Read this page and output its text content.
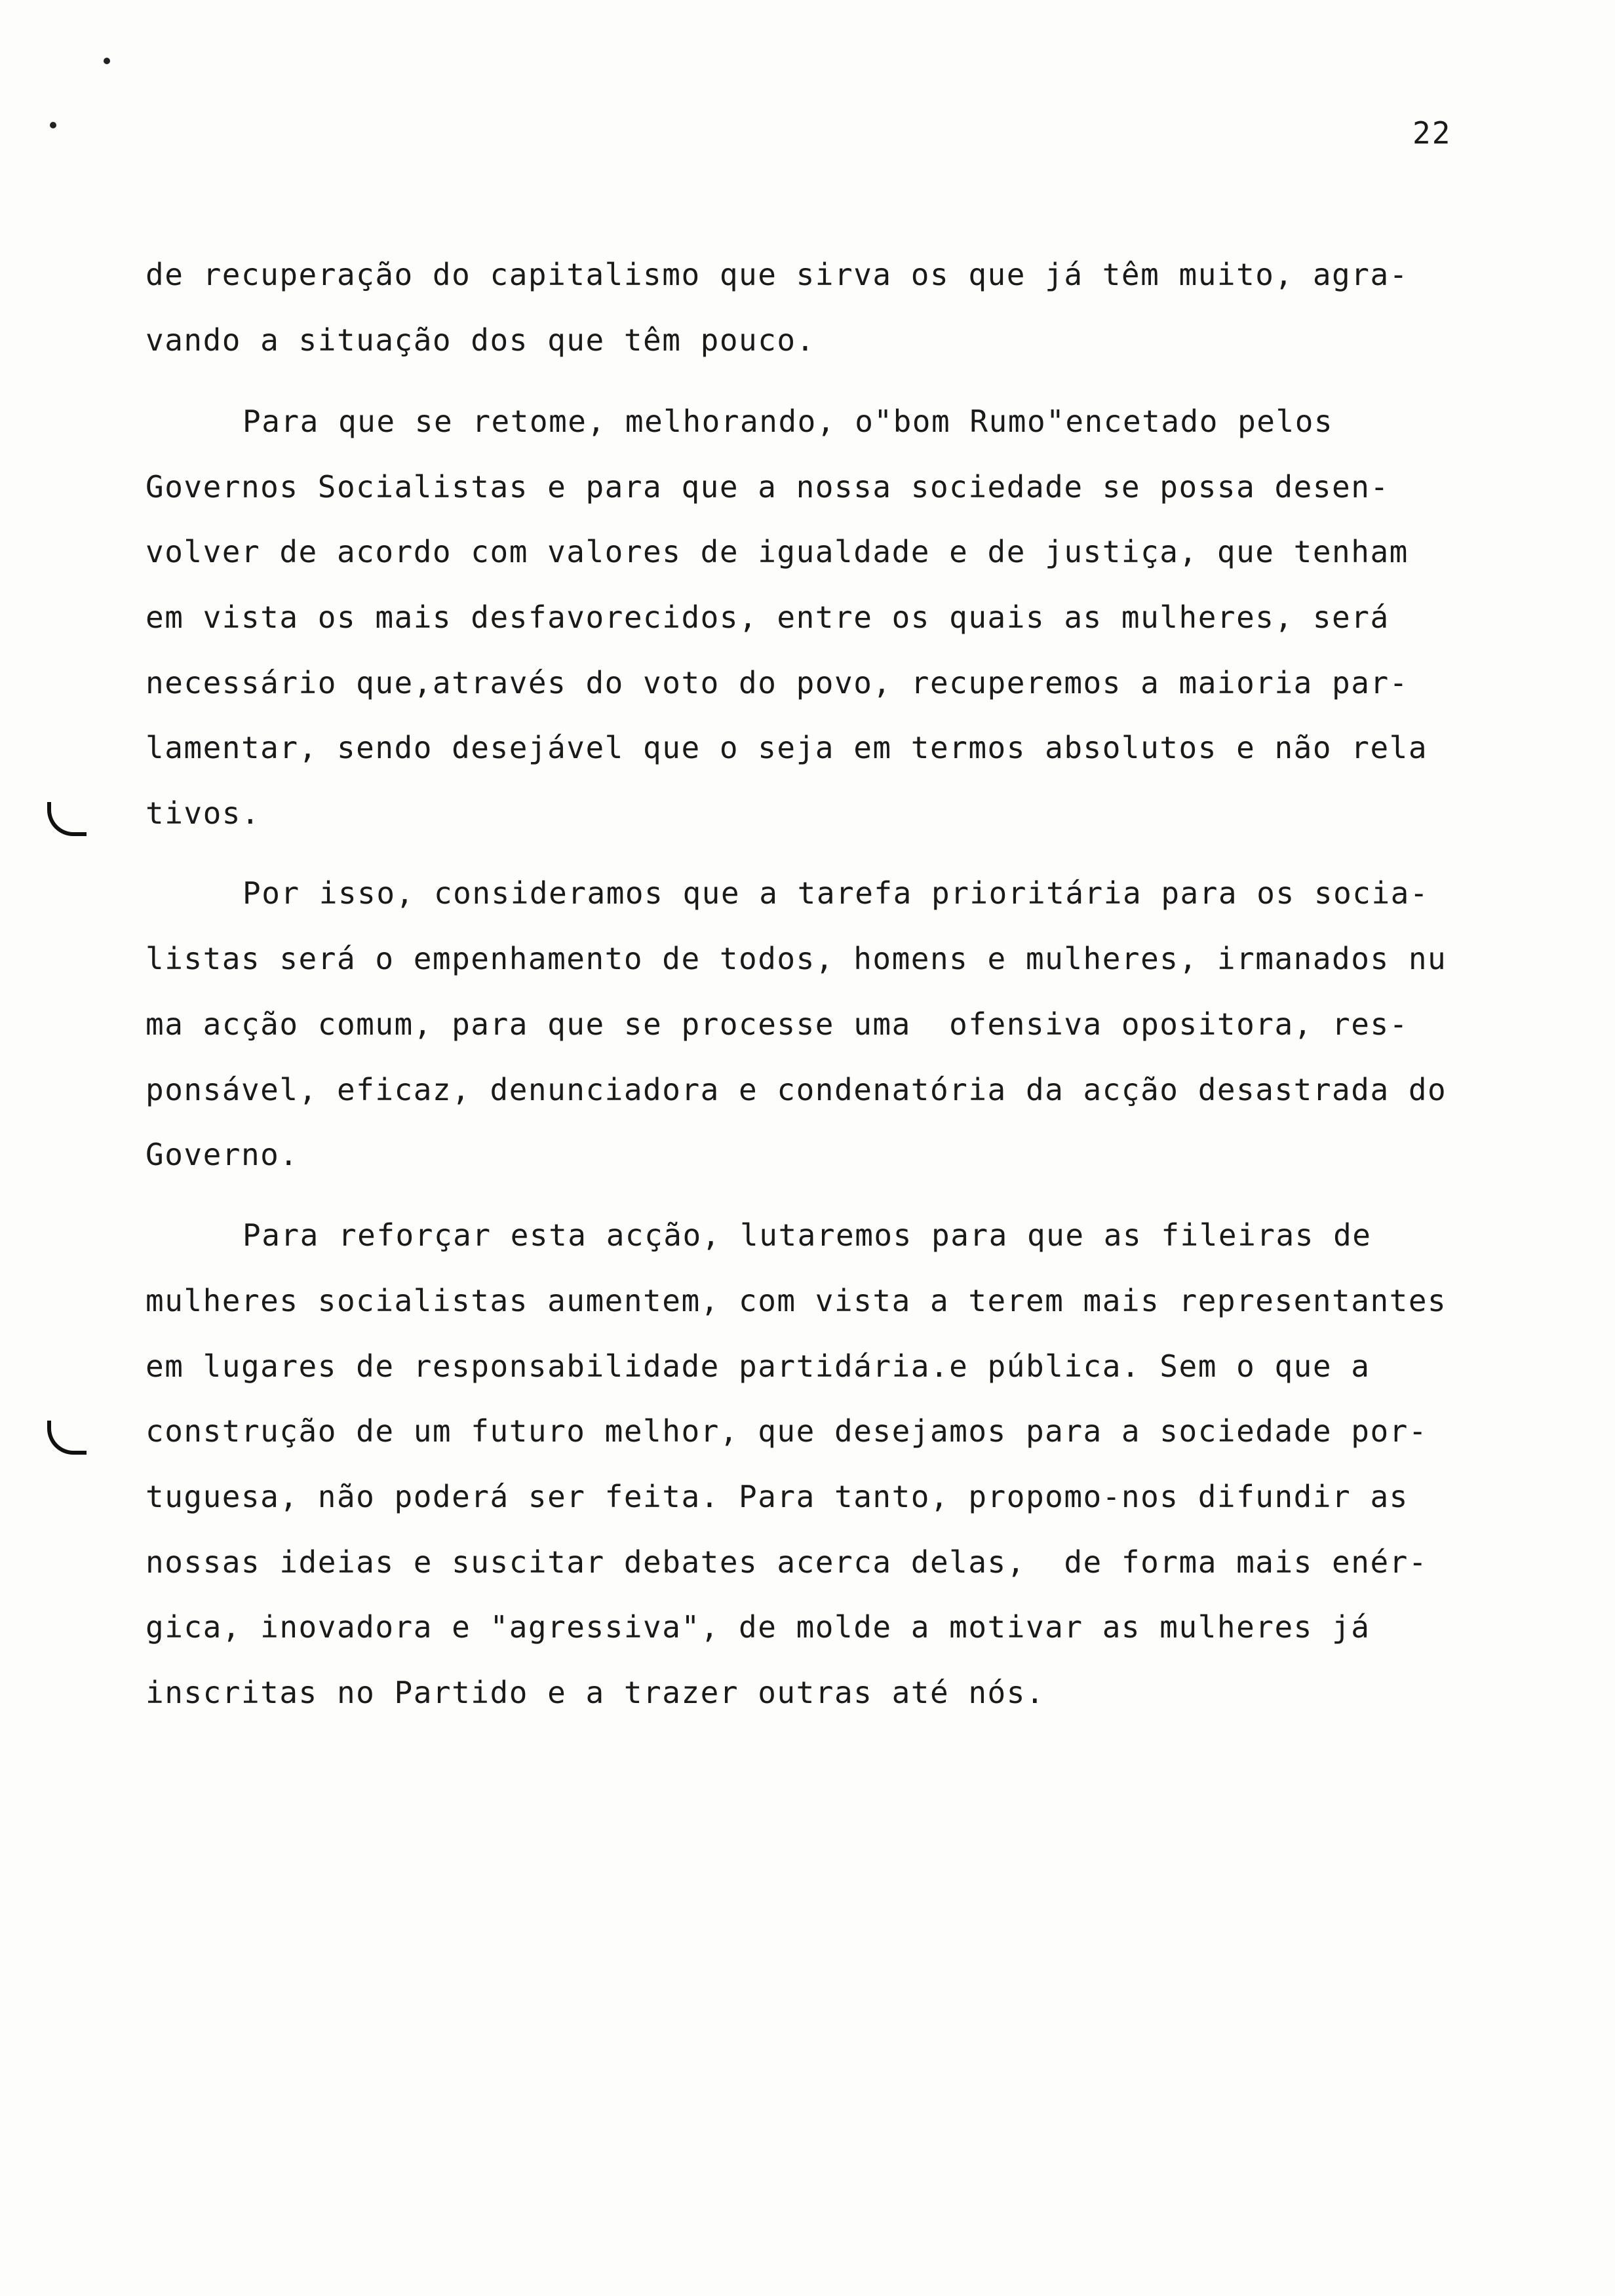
22
de recuperação do capitalismo que sirva os que já têm muito, agra-
vando a situação dos que têm pouco.
Para que se retome, melhorando, o"bom Rumo"encetado pelos
Governos Socialistas e para que a nossa sociedade se possa desen-
volver de acordo com valores de igualdade e de justiça, que tenham
em vista os mais desfavorecidos, entre os quais as mulheres, será
necessário que,através do voto do povo, recuperemos a maioria par-
lamentar, sendo desejável que o seja em termos absolutos e não rela
tivos.
Por isso, consideramos que a tarefa prioritária para os socia-
listas será o empenhamento de todos, homens e mulheres, irmanados nu
ma acção comum, para que se processe uma  ofensiva opositora, res-
ponsável, eficaz, denunciadora e condenatória da acção desastrada do
Governo.
Para reforçar esta acção, lutaremos para que as fileiras de
mulheres socialistas aumentem, com vista a terem mais representantes
em lugares de responsabilidade partidária.e pública. Sem o que a
construção de um futuro melhor, que desejamos para a sociedade por-
tuguesa, não poderá ser feita. Para tanto, propomo-nos difundir as
nossas ideias e suscitar debates acerca delas,  de forma mais enér-
gica, inovadora e "agressiva", de molde a motivar as mulheres já
inscritas no Partido e a trazer outras até nós.
